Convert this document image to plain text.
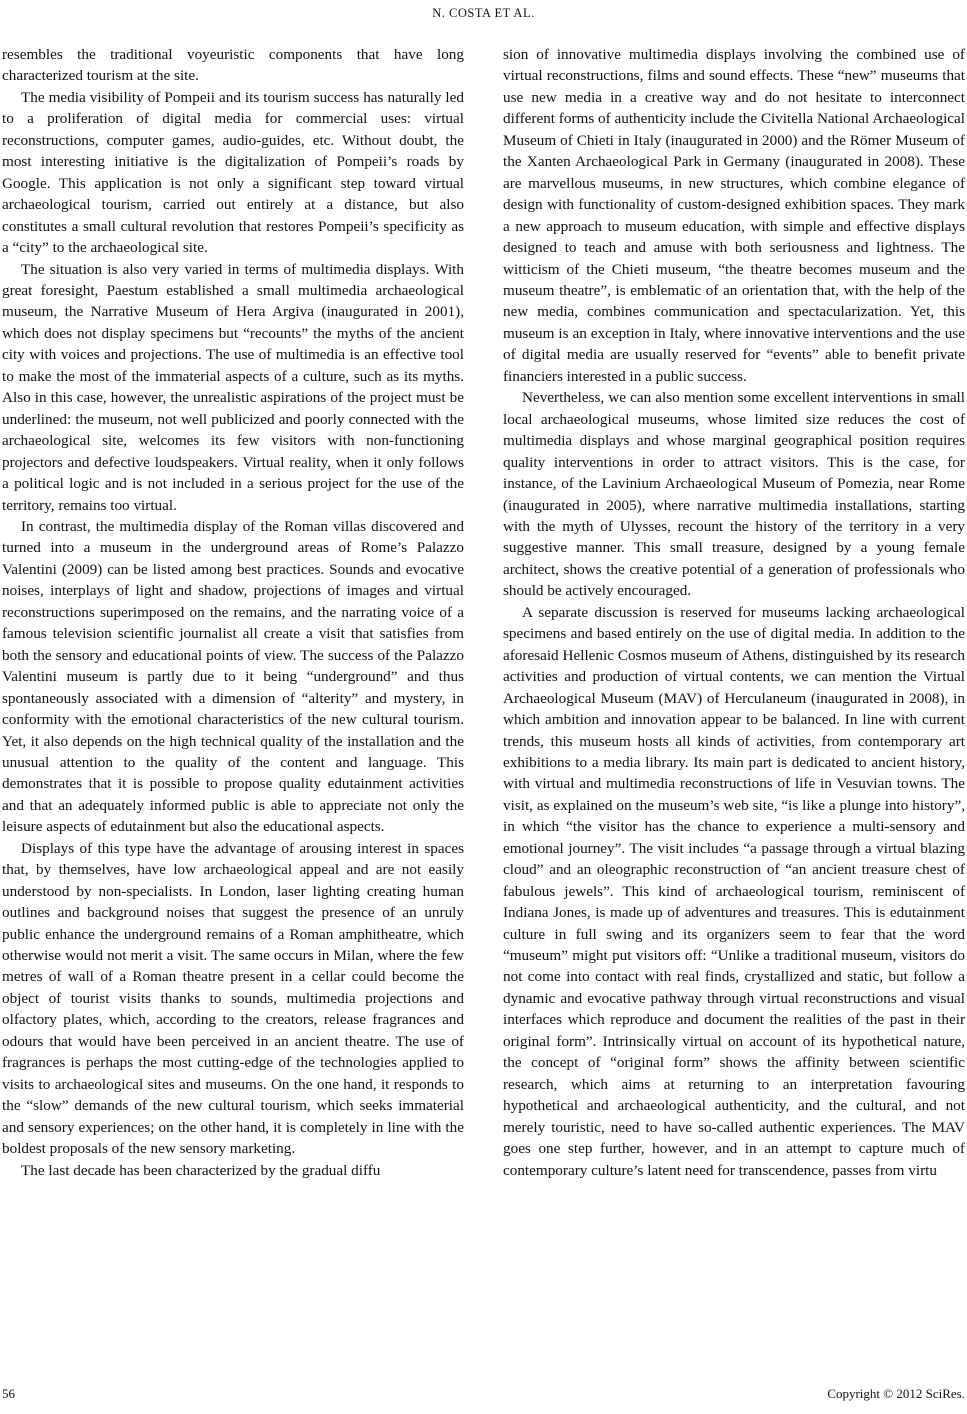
N. COSTA ET AL.

resembles the traditional voyeuristic components that have long characterized tourism at the site.

The media visibility of Pompeii and its tourism success has naturally led to a proliferation of digital media for commercial uses: virtual reconstructions, computer games, audio-guides, etc. Without doubt, the most interesting initiative is the digitalization of Pompeii’s roads by Google. This application is not only a significant step toward virtual archaeological tourism, carried out entirely at a distance, but also constitutes a small cultural revolution that restores Pompeii’s specificity as a “city” to the archaeological site.

The situation is also very varied in terms of multimedia displays. With great foresight, Paestum established a small multimedia archaeological museum, the Narrative Museum of Hera Argiva (inaugurated in 2001), which does not display specimens but “recounts” the myths of the ancient city with voices and projections. The use of multimedia is an effective tool to make the most of the immaterial aspects of a culture, such as its myths. Also in this case, however, the unrealistic aspirations of the project must be underlined: the museum, not well publicized and poorly connected with the archaeological site, welcomes its few visitors with non-functioning projectors and defective loudspeakers. Virtual reality, when it only follows a political logic and is not included in a serious project for the use of the territory, remains too virtual.

In contrast, the multimedia display of the Roman villas discovered and turned into a museum in the underground areas of Rome’s Palazzo Valentini (2009) can be listed among best practices. Sounds and evocative noises, interplays of light and shadow, projections of images and virtual reconstructions superimposed on the remains, and the narrating voice of a famous television scientific journalist all create a visit that satisfies from both the sensory and educational points of view. The success of the Palazzo Valentini museum is partly due to it being “underground” and thus spontaneously associated with a dimension of “alterity” and mystery, in conformity with the emotional characteristics of the new cultural tourism. Yet, it also depends on the high technical quality of the installation and the unusual attention to the quality of the content and language. This demonstrates that it is possible to propose quality edutainment activities and that an adequately informed public is able to appreciate not only the leisure aspects of edutainment but also the educational aspects.

Displays of this type have the advantage of arousing interest in spaces that, by themselves, have low archaeological appeal and are not easily understood by non-specialists. In London, laser lighting creating human outlines and background noises that suggest the presence of an unruly public enhance the underground remains of a Roman amphitheatre, which otherwise would not merit a visit. The same occurs in Milan, where the few metres of wall of a Roman theatre present in a cellar could become the object of tourist visits thanks to sounds, multimedia projections and olfactory plates, which, according to the creators, release fragrances and odours that would have been perceived in an ancient theatre. The use of fragrances is perhaps the most cutting-edge of the technologies applied to visits to archaeological sites and museums. On the one hand, it responds to the “slow” demands of the new cultural tourism, which seeks immaterial and sensory experiences; on the other hand, it is completely in line with the boldest proposals of the new sensory marketing.

The last decade has been characterized by the gradual diffu

sion of innovative multimedia displays involving the combined use of virtual reconstructions, films and sound effects. These “new” museums that use new media in a creative way and do not hesitate to interconnect different forms of authenticity include the Civitella National Archaeological Museum of Chieti in Italy (inaugurated in 2000) and the Römer Museum of the Xanten Archaeological Park in Germany (inaugurated in 2008). These are marvellous museums, in new structures, which combine elegance of design with functionality of custom-designed exhibition spaces. They mark a new approach to museum education, with simple and effective displays designed to teach and amuse with both seriousness and lightness. The witticism of the Chieti museum, “the theatre becomes museum and the museum theatre”, is emblematic of an orientation that, with the help of the new media, combines communication and spectacularization. Yet, this museum is an exception in Italy, where innovative interventions and the use of digital media are usually reserved for “events” able to benefit private financiers interested in a public success.

Nevertheless, we can also mention some excellent interventions in small local archaeological museums, whose limited size reduces the cost of multimedia displays and whose marginal geographical position requires quality interventions in order to attract visitors. This is the case, for instance, of the Lavinium Archaeological Museum of Pomezia, near Rome (inaugurated in 2005), where narrative multimedia installations, starting with the myth of Ulysses, recount the history of the territory in a very suggestive manner. This small treasure, designed by a young female architect, shows the creative potential of a generation of professionals who should be actively encouraged.

A separate discussion is reserved for museums lacking archaeological specimens and based entirely on the use of digital media. In addition to the aforesaid Hellenic Cosmos museum of Athens, distinguished by its research activities and production of virtual contents, we can mention the Virtual Archaeological Museum (MAV) of Herculaneum (inaugurated in 2008), in which ambition and innovation appear to be balanced. In line with current trends, this museum hosts all kinds of activities, from contemporary art exhibitions to a media library. Its main part is dedicated to ancient history, with virtual and multimedia reconstructions of life in Vesuvian towns. The visit, as explained on the museum’s web site, “is like a plunge into history”, in which “the visitor has the chance to experience a multi-sensory and emotional journey”. The visit includes “a passage through a virtual blazing cloud” and an oleographic reconstruction of “an ancient treasure chest of fabulous jewels”. This kind of archaeological tourism, reminiscent of Indiana Jones, is made up of adventures and treasures. This is edutainment culture in full swing and its organizers seem to fear that the word “museum” might put visitors off: “Unlike a traditional museum, visitors do not come into contact with real finds, crystallized and static, but follow a dynamic and evocative pathway through virtual reconstructions and visual interfaces which reproduce and document the realities of the past in their original form”. Intrinsically virtual on account of its hypothetical nature, the concept of “original form” shows the affinity between scientific research, which aims at returning to an interpretation favouring hypothetical and archaeological authenticity, and the cultural, and not merely touristic, need to have so-called authentic experiences. The MAV goes one step further, however, and in an attempt to capture much of contemporary culture’s latent need for transcendence, passes from virtu

56	Copyright © 2012 SciRes.
